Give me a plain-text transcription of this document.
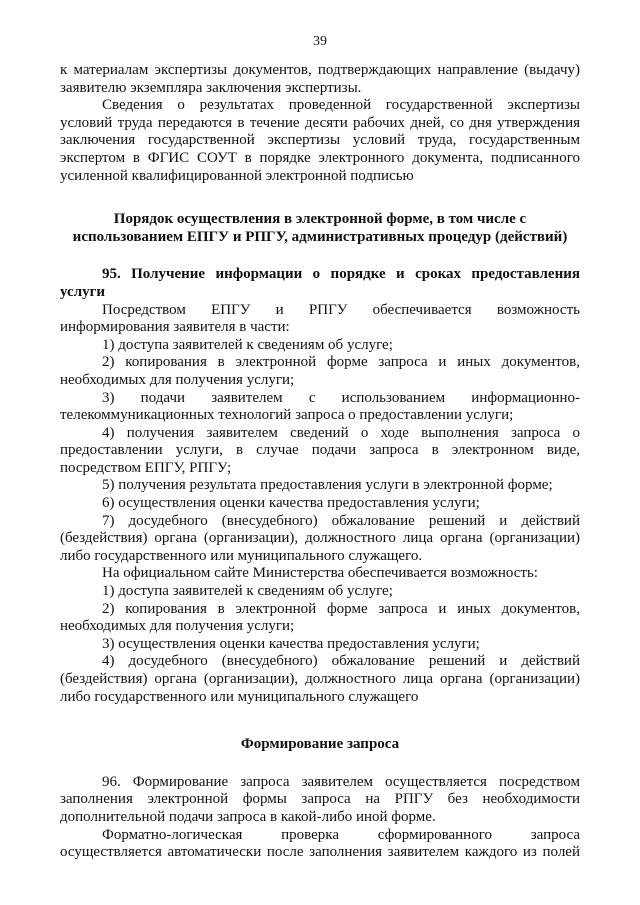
39

к материалам экспертизы документов, подтверждающих направление (выдачу) заявителю экземпляра заключения экспертизы.

Сведения о результатах проведенной государственной экспертизы условий труда передаются в течение десяти рабочих дней, со дня утверждения заключения государственной экспертизы условий труда, государственным экспертом в ФГИС СОУТ в порядке электронного документа, подписанного усиленной квалифицированной электронной подписью

Порядок осуществления в электронной форме, в том числе с использованием ЕПГУ и РПГУ, административных процедур (действий)

95. Получение информации о порядке и сроках предоставления услуги

Посредством ЕПГУ и РПГУ обеспечивается возможность информирования заявителя в части:

1) доступа заявителей к сведениям об услуге;

2) копирования в электронной форме запроса и иных документов, необходимых для получения услуги;

3) подачи заявителем с использованием информационно-телекоммуникационных технологий запроса о предоставлении услуги;

4) получения заявителем сведений о ходе выполнения запроса о предоставлении услуги, в случае подачи запроса в электронном виде, посредством ЕПГУ, РПГУ;

5) получения результата предоставления услуги в электронной форме;

6) осуществления оценки качества предоставления услуги;

7) досудебного (внесудебного) обжалование решений и действий (бездействия) органа (организации), должностного лица органа (организации) либо государственного или муниципального служащего.

На официальном сайте Министерства обеспечивается возможность:

1) доступа заявителей к сведениям об услуге;

2) копирования в электронной форме запроса и иных документов, необходимых для получения услуги;

3) осуществления оценки качества предоставления услуги;

4) досудебного (внесудебного) обжалование решений и действий (бездействия) органа (организации), должностного лица органа (организации) либо государственного или муниципального служащего

Формирование запроса

96. Формирование запроса заявителем осуществляется посредством заполнения электронной формы запроса на РПГУ без необходимости дополнительной подачи запроса в какой-либо иной форме.

Форматно-логическая проверка сформированного запроса осуществляется автоматически после заполнения заявителем каждого из полей
